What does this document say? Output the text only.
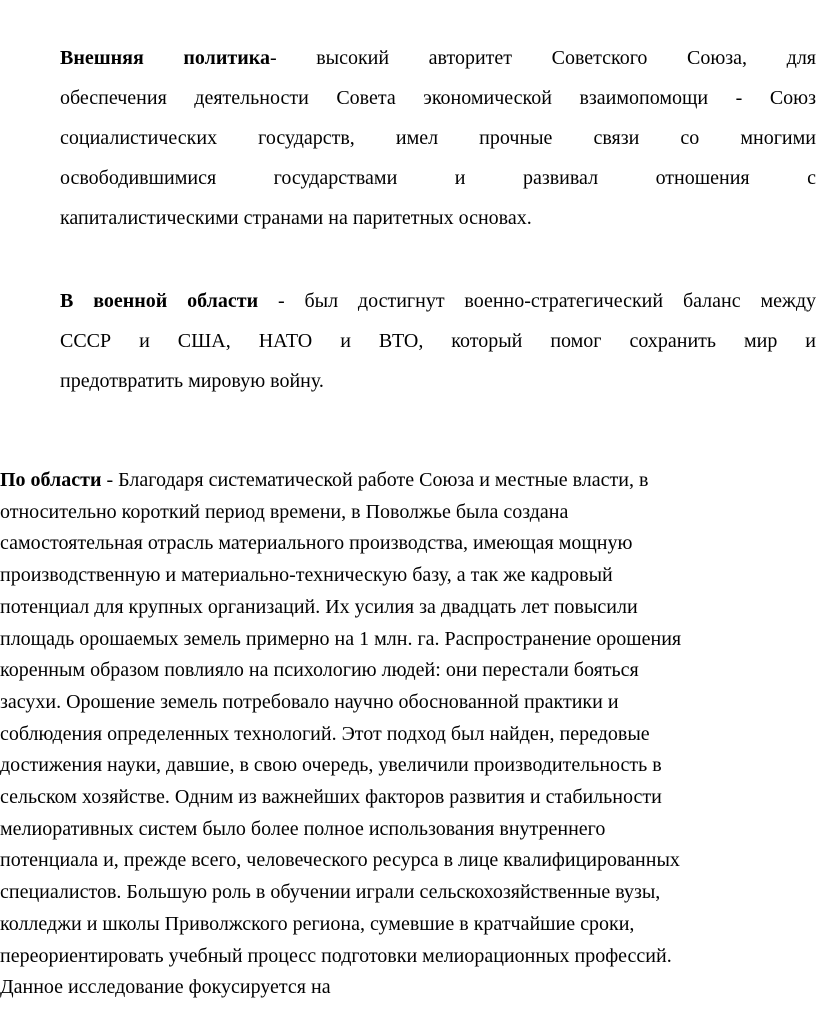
Внешняя политика- высокий авторитет Советского Союза, для
обеспечения деятельности Совета экономической взаимопомощи - Союз
социалистических государств, имел прочные связи со многими
освободившимися государствами и развивал отношения с
капиталистическими странами на паритетных основах.
В военной области - был достигнут военно-стратегический баланс между
СССР и США, НАТО и ВТО, который помог сохранить мир и
предотвратить мировую войну.
По области - Благодаря систематической работе Союза и местные власти, в
относительно короткий период времени, в Поволжье была создана
самостоятельная отрасль материального производства, имеющая мощную
производственную и материально-техническую базу, а так же кадровый
потенциал для крупных организаций. Их усилия за двадцать лет повысили
площадь орошаемых земель примерно на 1 млн. га. Распространение орошения
коренным образом повлияло на психологию людей: они перестали бояться
засухи. Орошение земель потребовало научно обоснованной практики и
соблюдения определенных технологий. Этот подход был найден, передовые
достижения науки, давшие, в свою очередь, увеличили производительность в
сельском хозяйстве. Одним из важнейших факторов развития и стабильности
мелиоративных систем было более полное использования внутреннего
потенциала и, прежде всего, человеческого ресурса в лице квалифицированных
специалистов. Большую роль в обучении играли сельскохозяйственные вузы,
колледжи и школы Приволжского региона, сумевшие в кратчайшие сроки,
переориентировать учебный процесс подготовки мелиорационных профессий.
Данное исследование фокусируется на
